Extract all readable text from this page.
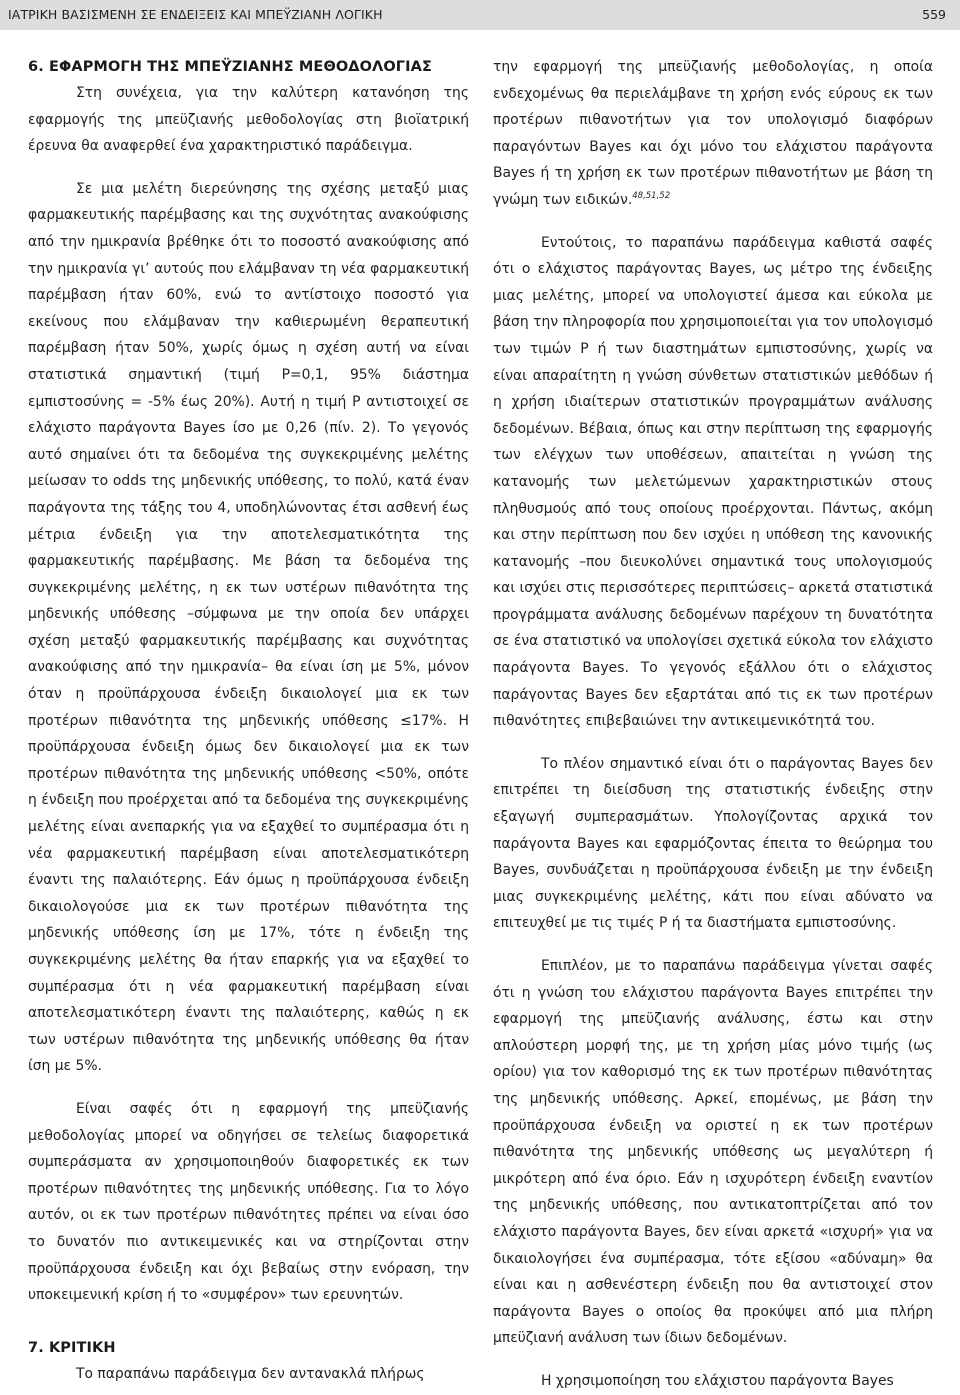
ΙΑΤΡΙΚΗ ΒΑΣΙΣΜΕΝΗ ΣΕ ΕΝΔΕΙΞΕΙΣ ΚΑΙ ΜΠΕΫΖΙΑΝΗ ΛΟΓΙΚΗ	559
6. ΕΦΑΡΜΟΓΗ ΤΗΣ ΜΠΕΫΖΙΑΝΗΣ ΜΕΘΟΔΟΛΟΓΙΑΣ

Στη συνέχεια, για την καλύτερη κατανόηση της εφαρμογής της μπεϋζιανής μεθοδολογίας στη βιοϊατρική έρευνα θα αναφερθεί ένα χαρακτηριστικό παράδειγμα.

Σε μια μελέτη διερεύνησης της σχέσης μεταξύ μιας φαρμακευτικής παρέμβασης και της συχνότητας ανακούφισης από την ημικρανία βρέθηκε ότι το ποσοστό ανακούφισης από την ημικρανία γι’ αυτούς που ελάμβαναν τη νέα φαρμακευτική παρέμβαση ήταν 60%, ενώ το αντίστοιχο ποσοστό για εκείνους που ελάμβαναν την καθιερωμένη θεραπευτική παρέμβαση ήταν 50%, χωρίς όμως η σχέση αυτή να είναι στατιστικά σημαντική (τιμή P=0,1, 95% διάστημα εμπιστοσύνης = -5% έως 20%). Αυτή η τιμή P αντιστοιχεί σε ελάχιστο παράγοντα Bayes ίσο με 0,26 (πίν. 2). Το γεγονός αυτό σημαίνει ότι τα δεδομένα της συγκεκριμένης μελέτης μείωσαν το odds της μηδενικής υπόθεσης, το πολύ, κατά έναν παράγοντα της τάξης του 4, υποδηλώνοντας έτσι ασθενή έως μέτρια ένδειξη για την αποτελεσματικότητα της φαρμακευτικής παρέμβασης. Με βάση τα δεδομένα της συγκεκριμένης μελέτης, η εκ των υστέρων πιθανότητα της μηδενικής υπόθεσης –σύμφωνα με την οποία δεν υπάρχει σχέση μεταξύ φαρμακευτικής παρέμβασης και συχνότητας ανακούφισης από την ημικρανία– θα είναι ίση με 5%, μόνον όταν η προϋπάρχουσα ένδειξη δικαιολογεί μια εκ των προτέρων πιθανότητα της μηδενικής υπόθεσης ≤17%. Η προϋπάρχουσα ένδειξη όμως δεν δικαιολογεί μια εκ των προτέρων πιθανότητα της μηδενικής υπόθεσης <50%, οπότε η ένδειξη που προέρχεται από τα δεδομένα της συγκεκριμένης μελέτης είναι ανεπαρκής για να εξαχθεί το συμπέρασμα ότι η νέα φαρμακευτική παρέμβαση είναι αποτελεσματικότερη έναντι της παλαιότερης. Εάν όμως η προϋπάρχουσα ένδειξη δικαιολογούσε μια εκ των προτέρων πιθανότητα της μηδενικής υπόθεσης ίση με 17%, τότε η ένδειξη της συγκεκριμένης μελέτης θα ήταν επαρκής για να εξαχθεί το συμπέρασμα ότι η νέα φαρμακευτική παρέμβαση είναι αποτελεσματικότερη έναντι της παλαιότερης, καθώς η εκ των υστέρων πιθανότητα της μηδενικής υπόθεσης θα ήταν ίση με 5%.

Είναι σαφές ότι η εφαρμογή της μπεϋζιανής μεθοδολογίας μπορεί να οδηγήσει σε τελείως διαφορετικά συμπεράσματα αν χρησιμοποιηθούν διαφορετικές εκ των προτέρων πιθανότητες της μηδενικής υπόθεσης. Για το λόγο αυτόν, οι εκ των προτέρων πιθανότητες πρέπει να είναι όσο το δυνατόν πιο αντικειμενικές και να στηρίζονται στην προϋπάρχουσα ένδειξη και όχι βεβαίως στην ενόραση, την υποκειμενική κρίση ή το «συμφέρον» των ερευνητών.

7. ΚΡΙΤΙΚΗ

Το παραπάνω παράδειγμα δεν αντανακλά πλήρως

την εφαρμογή της μπεϋζιανής μεθοδολογίας, η οποία ενδεχομένως θα περιελάμβανε τη χρήση ενός εύρους εκ των προτέρων πιθανοτήτων για τον υπολογισμό διαφόρων παραγόντων Bayes και όχι μόνο του ελάχιστου παράγοντα Bayes ή τη χρήση εκ των προτέρων πιθανοτήτων με βάση τη γνώμη των ειδικών.$^{48,51,52}$

Εντούτοις, το παραπάνω παράδειγμα καθιστά σαφές ότι ο ελάχιστος παράγοντας Bayes, ως μέτρο της ένδειξης μιας μελέτης, μπορεί να υπολογιστεί άμεσα και εύκολα με βάση την πληροφορία που χρησιμοποιείται για τον υπολογισμό των τιμών P ή των διαστημάτων εμπιστοσύνης, χωρίς να είναι απαραίτητη η γνώση σύνθετων στατιστικών μεθόδων ή η χρήση ιδιαίτερων στατιστικών προγραμμάτων ανάλυσης δεδομένων. Βέβαια, όπως και στην περίπτωση της εφαρμογής των ελέγχων των υποθέσεων, απαιτείται η γνώση της κατανομής των μελετώμενων χαρακτηριστικών στους πληθυσμούς από τους οποίους προέρχονται. Πάντως, ακόμη και στην περίπτωση που δεν ισχύει η υπόθεση της κανονικής κατανομής –που διευκολύνει σημαντικά τους υπολογισμούς και ισχύει στις περισσότερες περιπτώσεις– αρκετά στατιστικά προγράμματα ανάλυσης δεδομένων παρέχουν τη δυνατότητα σε ένα στατιστικό να υπολογίσει σχετικά εύκολα τον ελάχιστο παράγοντα Bayes. Το γεγονός εξάλλου ότι ο ελάχιστος παράγοντας Bayes δεν εξαρτάται από τις εκ των προτέρων πιθανότητες επιβεβαιώνει την αντικειμενικότητά του.

Το πλέον σημαντικό είναι ότι ο παράγοντας Bayes δεν επιτρέπει τη διείσδυση της στατιστικής ένδειξης στην εξαγωγή συμπερασμάτων. Υπολογίζοντας αρχικά τον παράγοντα Bayes και εφαρμόζοντας έπειτα το θεώρημα του Bayes, συνδυάζεται η προϋπάρχουσα ένδειξη με την ένδειξη μιας συγκεκριμένης μελέτης, κάτι που είναι αδύνατο να επιτευχθεί με τις τιμές P ή τα διαστήματα εμπιστοσύνης.

Επιπλέον, με το παραπάνω παράδειγμα γίνεται σαφές ότι η γνώση του ελάχιστου παράγοντα Bayes επιτρέπει την εφαρμογή της μπεϋζιανής ανάλυσης, έστω και στην απλούστερη μορφή της, με τη χρήση μίας μόνο τιμής (ως ορίου) για τον καθορισμό της εκ των προτέρων πιθανότητας της μηδενικής υπόθεσης. Αρκεί, επομένως, με βάση την προϋπάρχουσα ένδειξη να οριστεί η εκ των προτέρων πιθανότητα της μηδενικής υπόθεσης ως μεγαλύτερη ή μικρότερη από ένα όριο. Εάν η ισχυρότερη ένδειξη εναντίον της μηδενικής υπόθεσης, που αντικατοπτρίζεται από τον ελάχιστο παράγοντα Bayes, δεν είναι αρκετά «ισχυρή» για να δικαιολογήσει ένα συμπέρασμα, τότε εξίσου «αδύναμη» θα είναι και η ασθενέστερη ένδειξη που θα αντιστοιχεί στον παράγοντα Bayes ο οποίος θα προκύψει από μια πλήρη μπεϋζιανή ανάλυση των ίδιων δεδομένων.

Η χρησιμοποίηση του ελάχιστου παράγοντα Bayes
